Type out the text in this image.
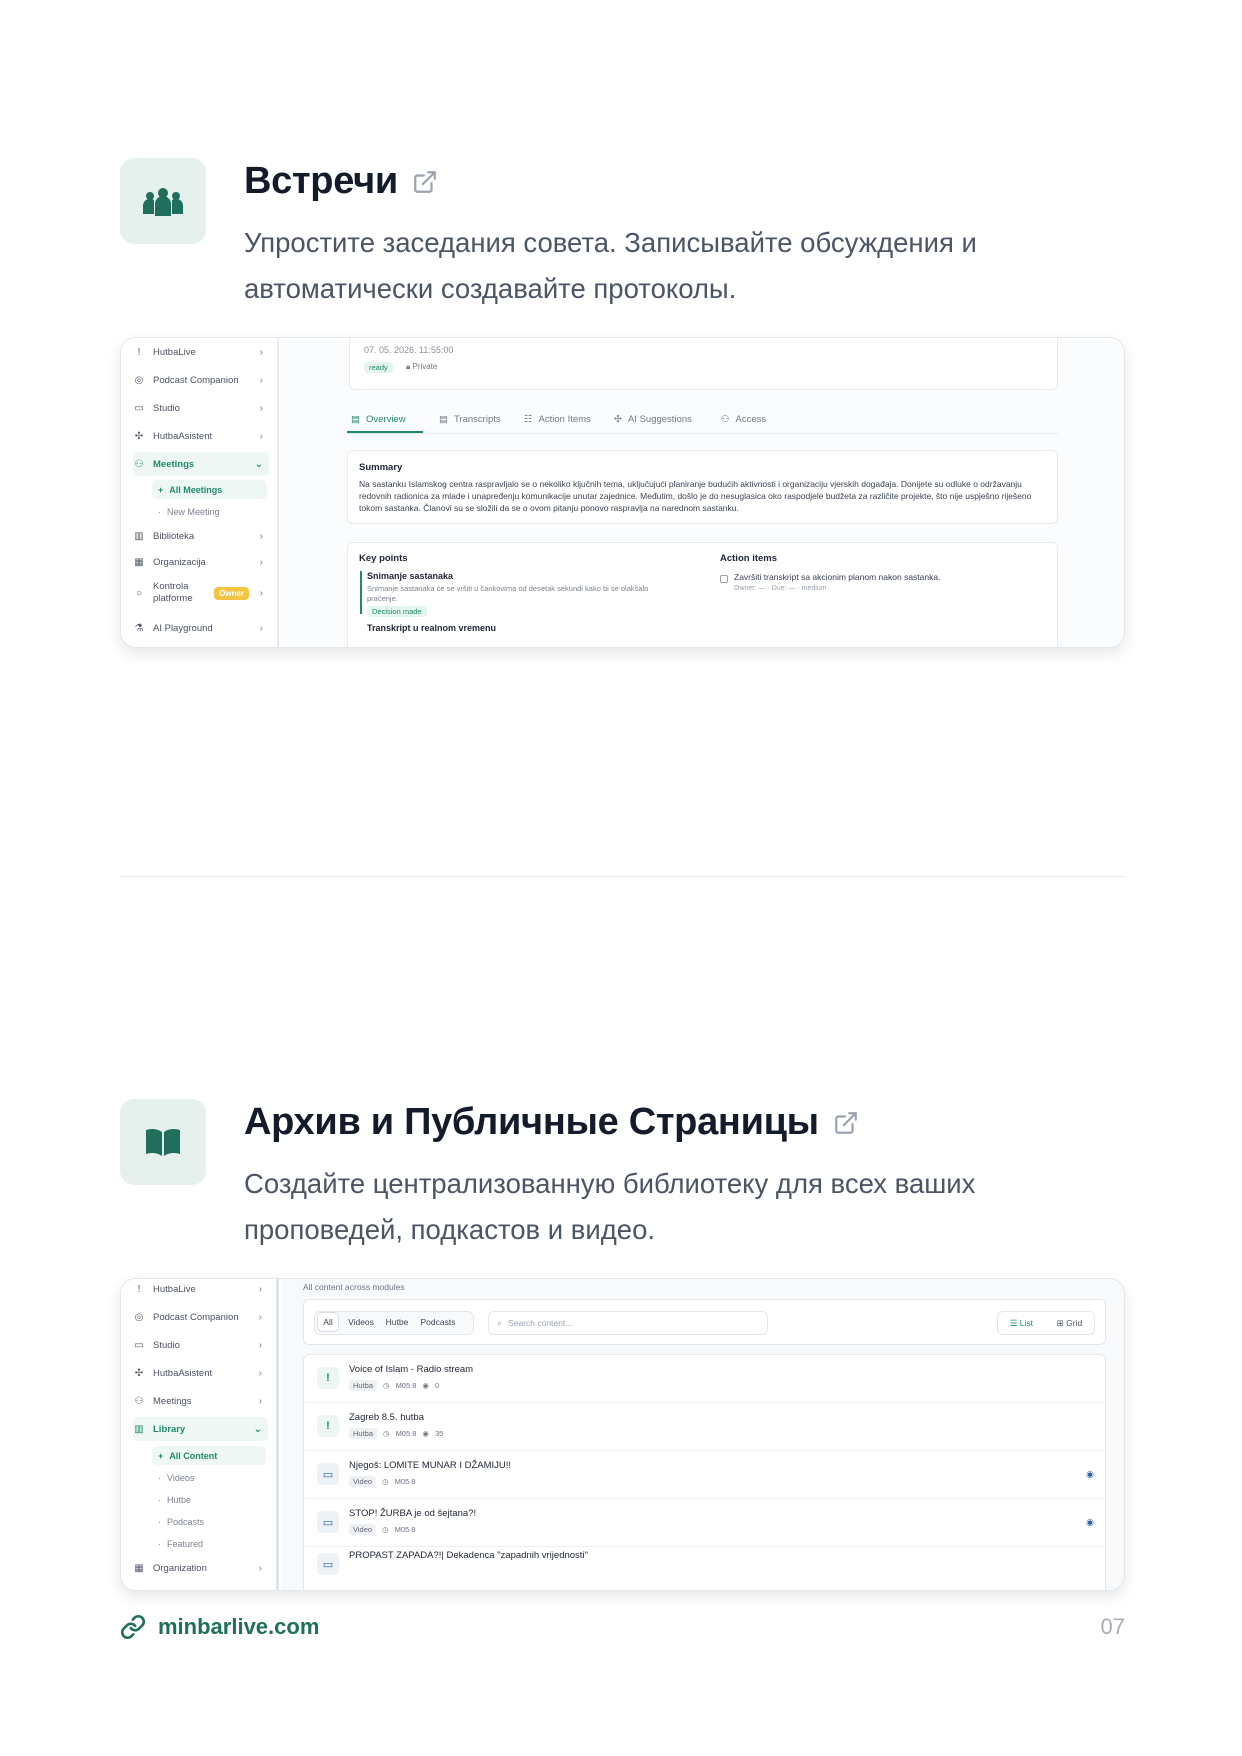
Встречи

Упростите заседания совета. Записывайте обсуждения и автоматически создавайте протоколы.

ǃ	HutbaLive	›
◎ Podcast Companion ›
▭ Studio	›
✣ HutbaAsistent	›
⚇ Meetings	⌄
+ All Meetings
· New Meeting
▥ Biblioteka	›
▦ Organizacija	›
○
Kontrola platforme	Owner	›
⚗ AI Playground	›
07. 05. 2026. 11:55:00
ready	🔒︎ Private
▤ Overview	▤ Transcripts ☷ Action Items ✣ AI Suggestions	⚇ Access
Summary

Na sastanku Islamskog centra raspravljalo se o nekoliko ključnih tema, uključujući planiranje budućih aktivnosti i organizaciju vjerskih događaja. Donijete su odluke o održavanju redovnih radionica za mlade i unapređenju komunikacije unutar zajednice. Međutim, došlo je do nesuglasica oko raspodjele budžeta za različite projekte, što nije uspješno riješeno tokom sastanka. Članovi su se složili da se o ovom pitanju ponovo raspravlja na narednom sastanku.

Key points
Snimanje sastanaka

Snimanje sastanaka će se vršiti u čankovima od desetak sekundi kako bi se olakšalo praćenje.

Decision made
Transkript u realnom vremenu
Action items
Završiti transkript sa akcionim planom nakon sastanka.
Owner: — · Due: — · medium
Архив и Публичные Страницы

Создайте централизованную библиотеку для всех ваших проповедей, подкастов и видео.

ǃ	HutbaLive	›
◎ Podcast Companion ›
▭ Studio	›
✣ HutbaAsistent	›
⚇ Meetings	›
▥ Library	⌄
+ All Content
· Videos
· Hutbe
· Podcasts
· Featured
▦ Organization	›
All content across modules
All	Videos	Hutbe	Podcasts	⌕ Search content...	☰ List	⊞ Grid
ǃ
Voice of Islam - Radio stream
Hutba	◷ M05 8 ◉ 0
ǃ
Zagreb 8.5. hutba
Hutba	◷ M05 8 ◉ 35
▭
Njegoš: LOMITE MUNAR I DŽAMIJU!!
Video	◷ M05 8
◉
▭
STOP! ŽURBA je od šejtana?!
Video	◷ M05 8
◉
▭
PROPAST ZAPADA?!| Dekadenca "zapadnih vrijednosti"
minbarlive.com	07
